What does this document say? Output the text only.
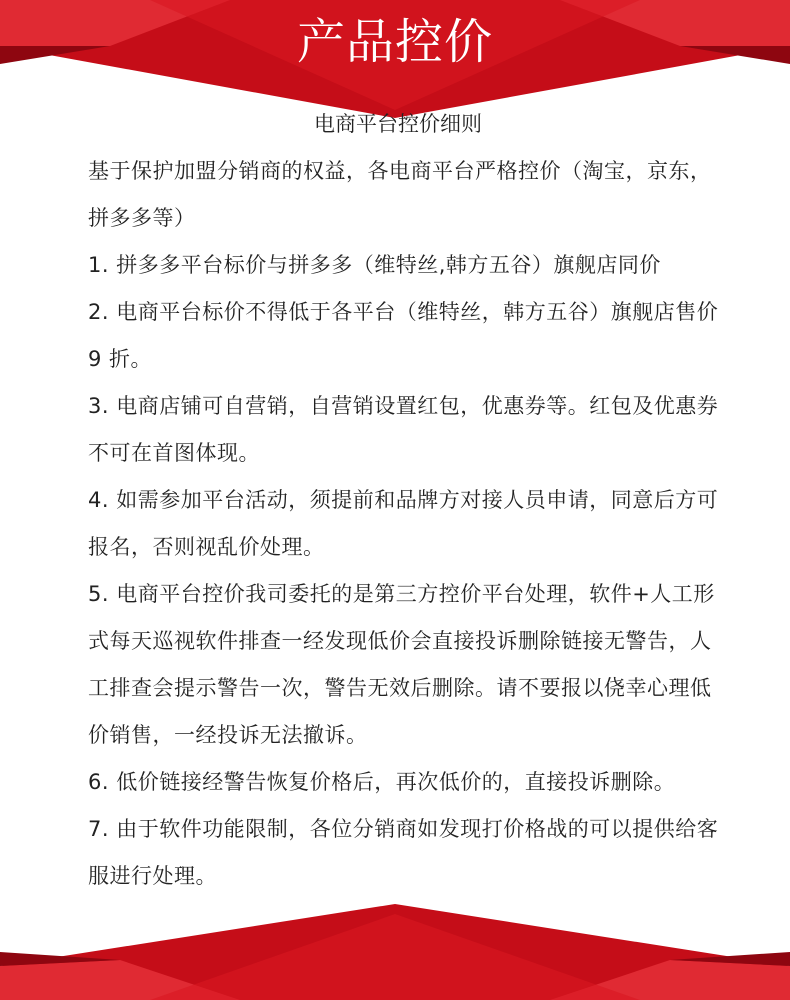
产品控价
电商平台控价细则

基于保护加盟分销商的权益，各电商平台严格控价（淘宝，京东，拼多多等）

1. 拼多多平台标价与拼多多（维特丝,韩方五谷）旗舰店同价

2. 电商平台标价不得低于各平台（维特丝，韩方五谷）旗舰店售价 9 折。

3. 电商店铺可自营销，自营销设置红包，优惠券等。红包及优惠券不可在首图体现。

4. 如需参加平台活动，须提前和品牌方对接人员申请，同意后方可报名，否则视乱价处理。

5. 电商平台控价我司委托的是第三方控价平台处理，软件+人工形式每天巡视软件排查一经发现低价会直接投诉删除链接无警告，人工排查会提示警告一次，警告无效后删除。请不要报以侥幸心理低价销售，一经投诉无法撤诉。

6. 低价链接经警告恢复价格后，再次低价的，直接投诉删除。

7. 由于软件功能限制，各位分销商如发现打价格战的可以提供给客服进行处理。
